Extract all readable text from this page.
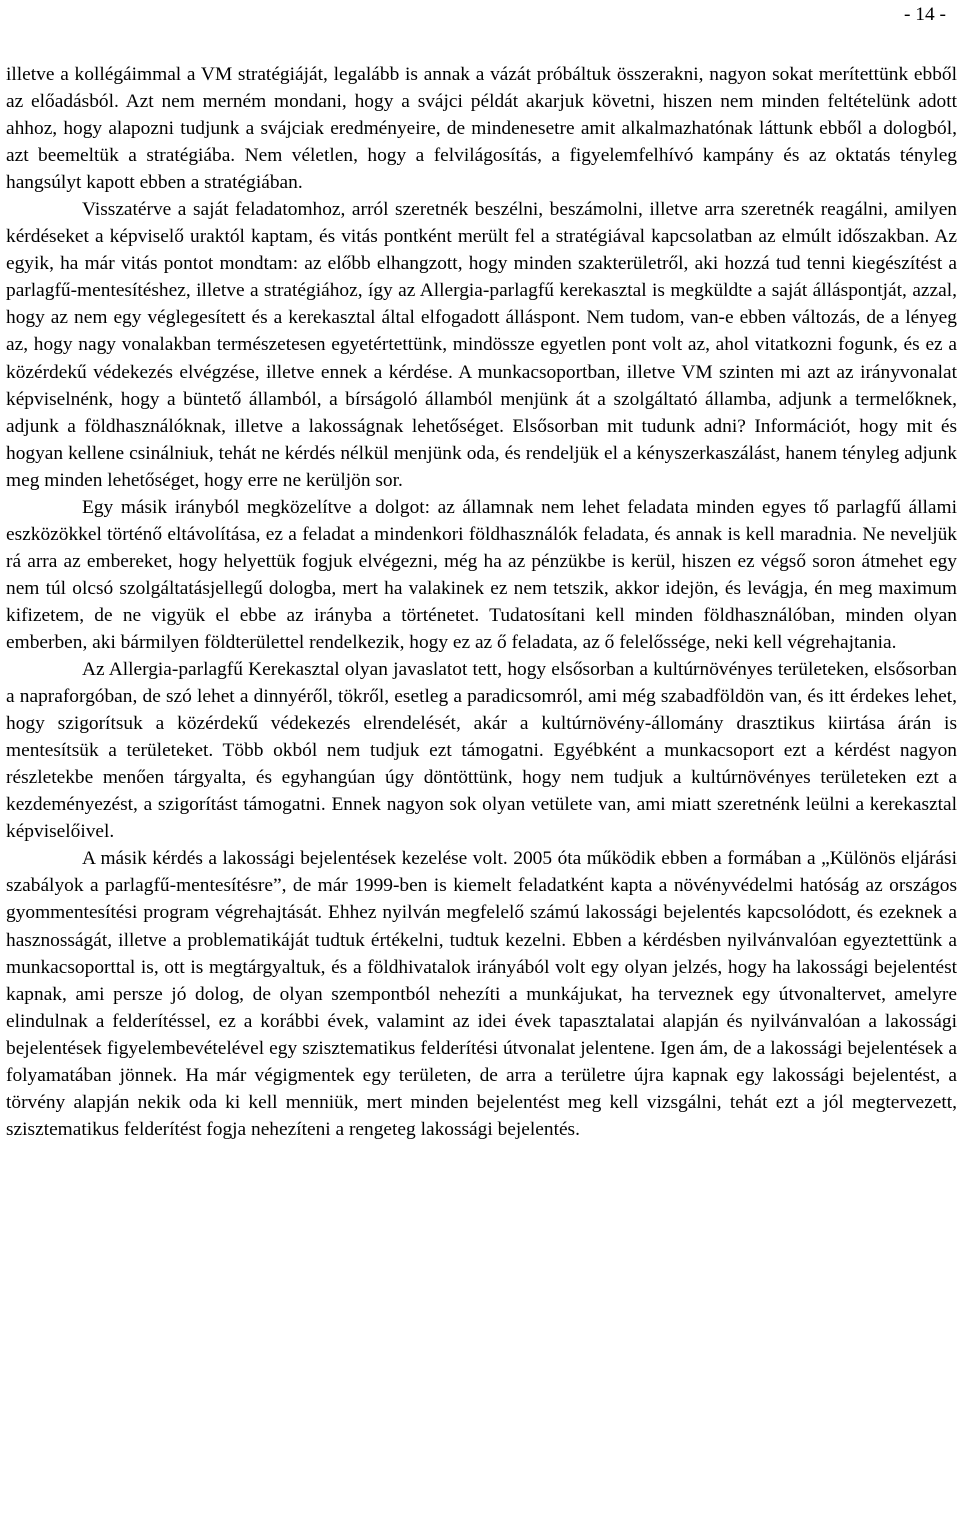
- 14 -

illetve a kollégáimmal a VM stratégiáját, legalább is annak a vázát próbáltuk összerakni, nagyon sokat merítettünk ebből az előadásból. Azt nem merném mondani, hogy a svájci példát akarjuk követni, hiszen nem minden feltételünk adott ahhoz, hogy alapozni tudjunk a svájciak eredményeire, de mindenesetre amit alkalmazhatónak láttunk ebből a dologból, azt beemeltük a stratégiába. Nem véletlen, hogy a felvilágosítás, a figyelemfelhívó kampány és az oktatás tényleg hangsúlyt kapott ebben a stratégiában.

Visszatérve a saját feladatomhoz, arról szeretnék beszélni, beszámolni, illetve arra szeretnék reagálni, amilyen kérdéseket a képviselő uraktól kaptam, és vitás pontként merült fel a stratégiával kapcsolatban az elmúlt időszakban. Az egyik, ha már vitás pontot mondtam: az előbb elhangzott, hogy minden szakterületről, aki hozzá tud tenni kiegészítést a parlagfű-mentesítéshez, illetve a stratégiához, így az Allergia-parlagfű kerekasztal is megküldte a saját álláspontját, azzal, hogy az nem egy véglegesített és a kerekasztal által elfogadott álláspont. Nem tudom, van-e ebben változás, de a lényeg az, hogy nagy vonalakban természetesen egyetértettünk, mindössze egyetlen pont volt az, ahol vitatkozni fogunk, és ez a közérdekű védekezés elvégzése, illetve ennek a kérdése. A munkacsoportban, illetve VM szinten mi azt az irányvonalat képviselnénk, hogy a büntető államból, a bírságoló államból menjünk át a szolgáltató államba, adjunk a termelőknek, adjunk a földhasználóknak, illetve a lakosságnak lehetőséget. Elsősorban mit tudunk adni? Információt, hogy mit és hogyan kellene csinálniuk, tehát ne kérdés nélkül menjünk oda, és rendeljük el a kényszerkaszálást, hanem tényleg adjunk meg minden lehetőséget, hogy erre ne kerüljön sor.

Egy másik irányból megközelítve a dolgot: az államnak nem lehet feladata minden egyes tő parlagfű állami eszközökkel történő eltávolítása, ez a feladat a mindenkori földhasználók feladata, és annak is kell maradnia. Ne neveljük rá arra az embereket, hogy helyettük fogjuk elvégezni, még ha az pénzükbe is kerül, hiszen ez végső soron átmehet egy nem túl olcsó szolgáltatásjellegű dologba, mert ha valakinek ez nem tetszik, akkor idejön, és levágja, én meg maximum kifizetem, de ne vigyük el ebbe az irányba a történetet. Tudatosítani kell minden földhasználóban, minden olyan emberben, aki bármilyen földterülettel rendelkezik, hogy ez az ő feladata, az ő felelőssége, neki kell végrehajtania.

Az Allergia-parlagfű Kerekasztal olyan javaslatot tett, hogy elsősorban a kultúrnövényes területeken, elsősorban a napraforgóban, de szó lehet a dinnyéről, tökről, esetleg a paradicsomról, ami még szabadföldön van, és itt érdekes lehet, hogy szigorítsuk a közérdekű védekezés elrendelését, akár a kultúrnövény-állomány drasztikus kiirtása árán is mentesítsük a területeket. Több okból nem tudjuk ezt támogatni. Egyébként a munkacsoport ezt a kérdést nagyon részletekbe menően tárgyalta, és egyhangúan úgy döntöttünk, hogy nem tudjuk a kultúrnövényes területeken ezt a kezdeményezést, a szigorítást támogatni. Ennek nagyon sok olyan vetülete van, ami miatt szeretnénk leülni a kerekasztal képviselőivel.

A másik kérdés a lakossági bejelentések kezelése volt. 2005 óta működik ebben a formában a „Különös eljárási szabályok a parlagfű-mentesítésre”, de már 1999-ben is kiemelt feladatként kapta a növényvédelmi hatóság az országos gyommentesítési program végrehajtását. Ehhez nyilván megfelelő számú lakossági bejelentés kapcsolódott, és ezeknek a hasznosságát, illetve a problematikáját tudtuk értékelni, tudtuk kezelni. Ebben a kérdésben nyilvánvalóan egyeztettünk a munkacsoporttal is, ott is megtárgyaltuk, és a földhivatalok irányából volt egy olyan jelzés, hogy ha lakossági bejelentést kapnak, ami persze jó dolog, de olyan szempontból nehezíti a munkájukat, ha terveznek egy útvonaltervet, amelyre elindulnak a felderítéssel, ez a korábbi évek, valamint az idei évek tapasztalatai alapján és nyilvánvalóan a lakossági bejelentések figyelembevételével egy szisztematikus felderítési útvonalat jelentene. Igen ám, de a lakossági bejelentések a folyamatában jönnek. Ha már végigmentek egy területen, de arra a területre újra kapnak egy lakossági bejelentést, a törvény alapján nekik oda ki kell menniük, mert minden bejelentést meg kell vizsgálni, tehát ezt a jól megtervezett, szisztematikus felderítést fogja nehezíteni a rengeteg lakossági bejelentés.
